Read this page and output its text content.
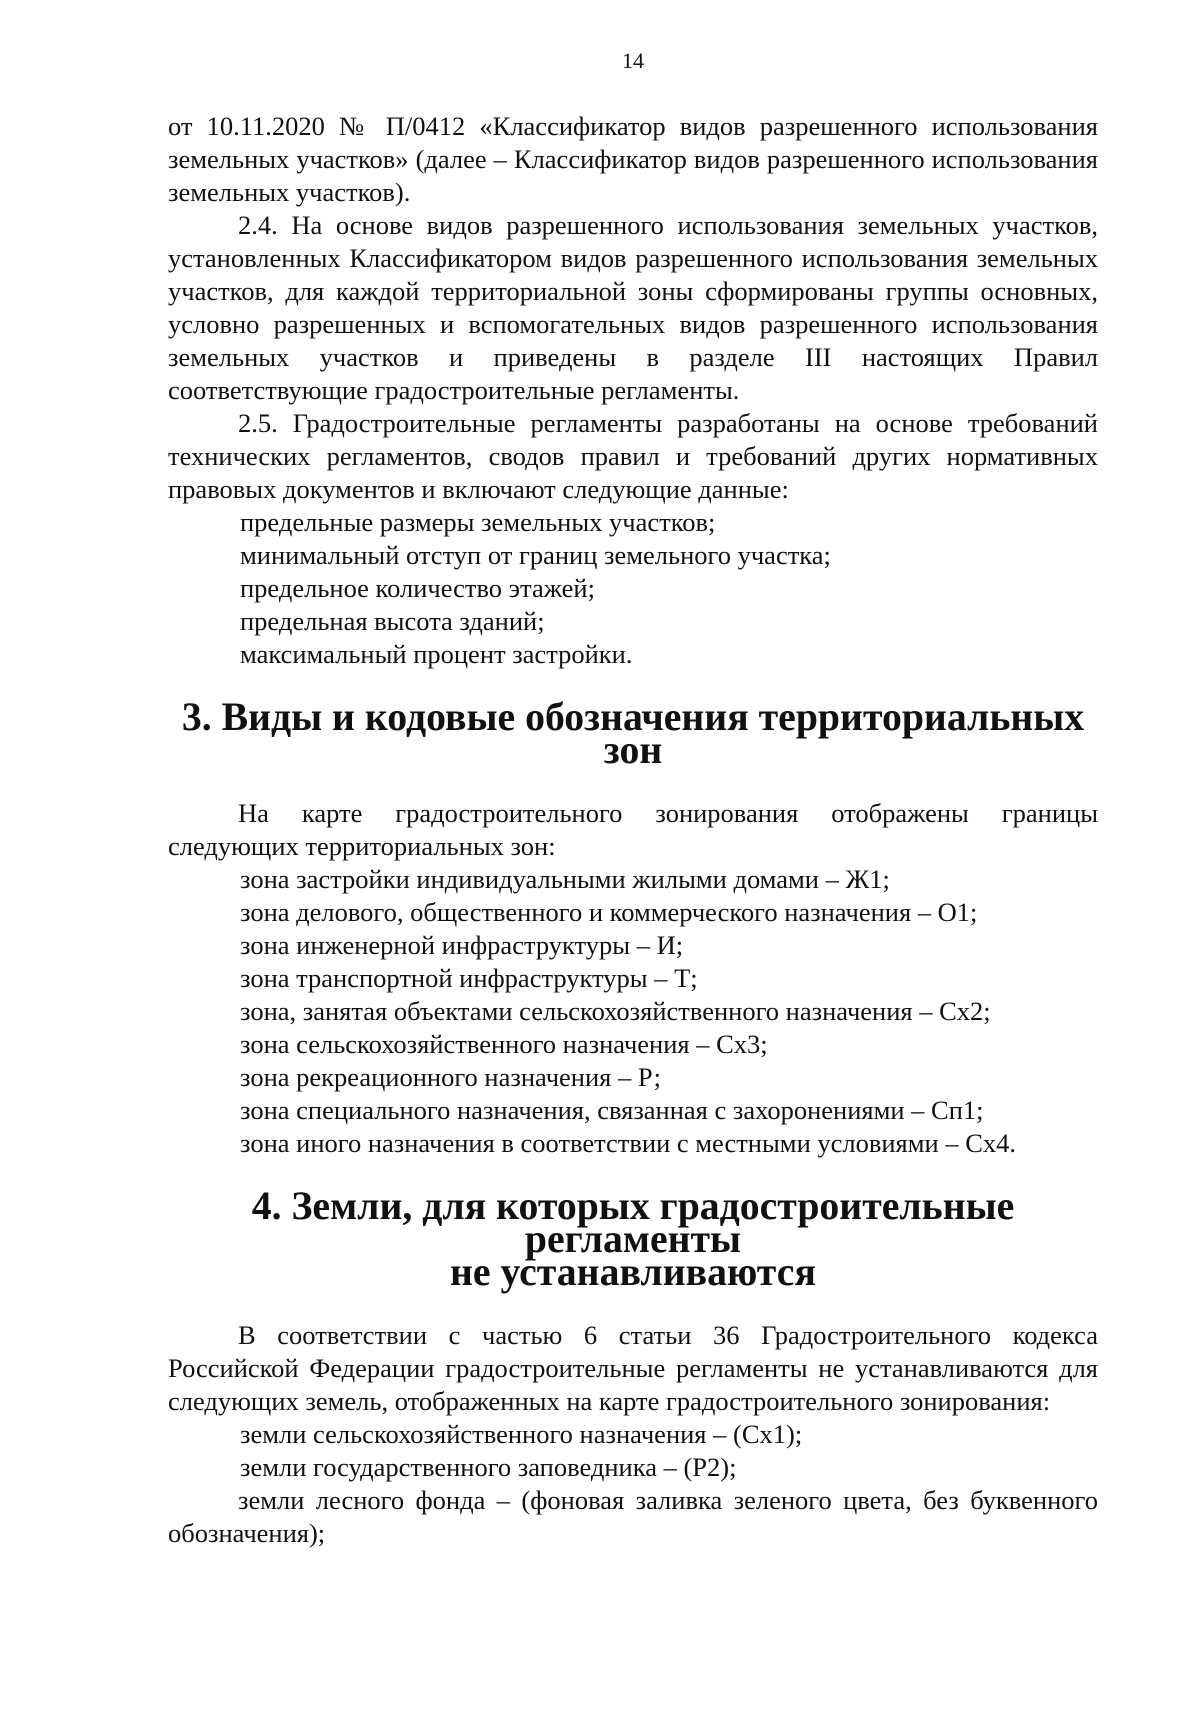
14

от 10.11.2020 № П/0412 «Классификатор видов разрешенного использования земельных участков» (далее – Классификатор видов разрешенного использования земельных участков).

2.4. На основе видов разрешенного использования земельных участков, установленных Классификатором видов разрешенного использования земельных участков, для каждой территориальной зоны сформированы группы основных, условно разрешенных и вспомогательных видов разрешенного использования земельных участков и приведены в разделе III настоящих Правил соответствующие градостроительные регламенты.

2.5. Градостроительные регламенты разработаны на основе требований технических регламентов, сводов правил и требований других нормативных правовых документов и включают следующие данные:

предельные размеры земельных участков;

минимальный отступ от границ земельного участка;

предельное количество этажей;

предельная высота зданий;

максимальный процент застройки.

3. Виды и кодовые обозначения территориальных зон

На карте градостроительного зонирования отображены границы следующих территориальных зон:

зона застройки индивидуальными жилыми домами – Ж1;

зона делового, общественного и коммерческого назначения – О1;

зона инженерной инфраструктуры – И;

зона транспортной инфраструктуры – Т;

зона, занятая объектами сельскохозяйственного назначения – Сх2;

зона сельскохозяйственного назначения – Сх3;

зона рекреационного назначения – Р;

зона специального назначения, связанная с захоронениями – Сп1;

зона иного назначения в соответствии с местными условиями – Сх4.

4. Земли, для которых градостроительные регламенты
не устанавливаются

В соответствии с частью 6 статьи 36 Градостроительного кодекса Российской Федерации градостроительные регламенты не устанавливаются для следующих земель, отображенных на карте градостроительного зонирования:

земли сельскохозяйственного назначения – (Сх1);

земли государственного заповедника – (Р2);

земли лесного фонда – (фоновая заливка зеленого цвета, без буквенного обозначения);
